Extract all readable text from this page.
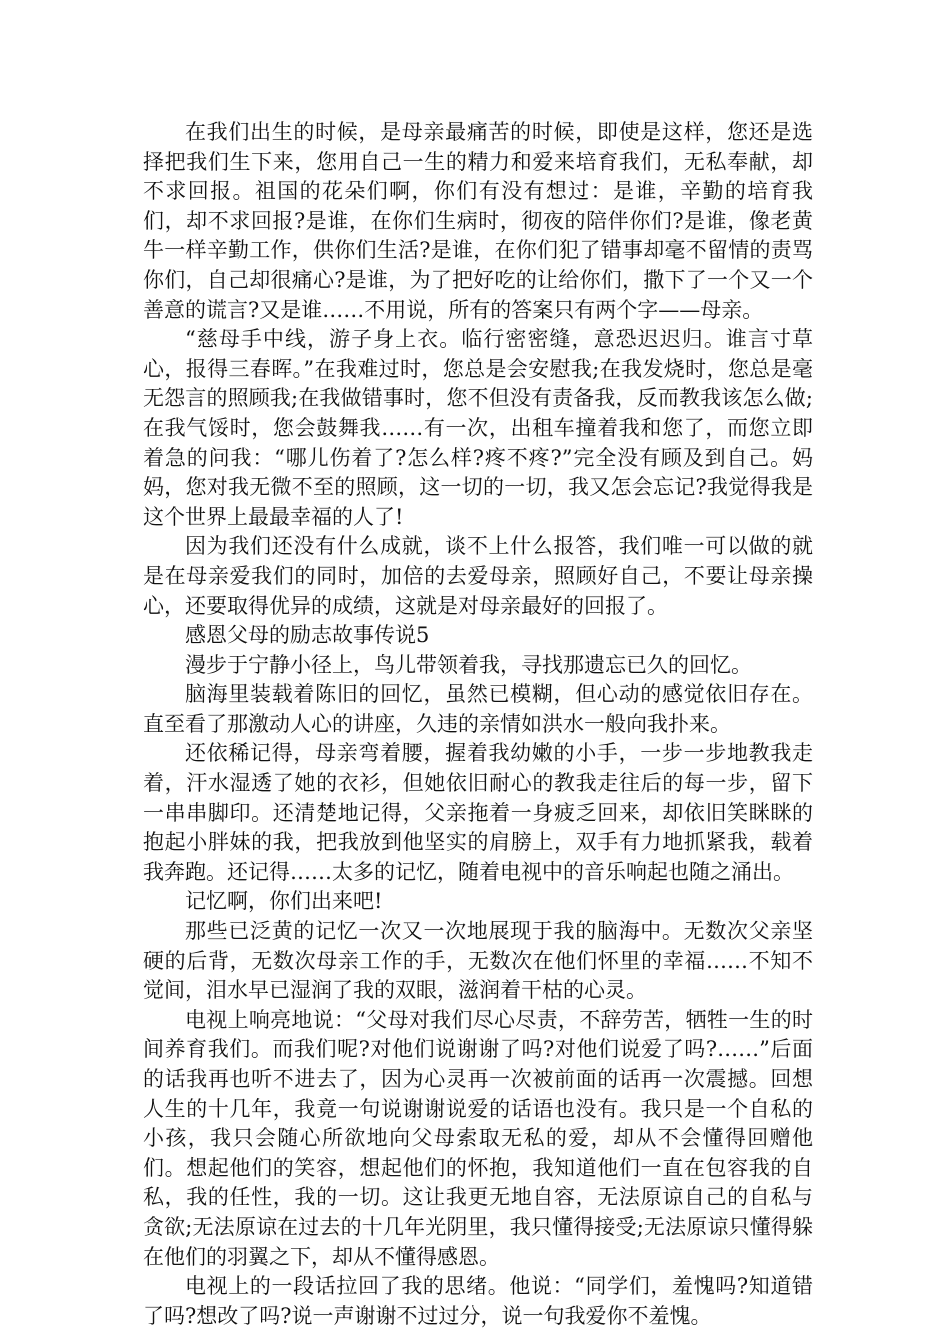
在我们出生的时候，是母亲最痛苦的时候，即使是这样，您还是选择把我们生下来，您用自己一生的精力和爱来培育我们，无私奉献，却不求回报。祖国的花朵们啊，你们有没有想过：是谁，辛勤的培育我们，却不求回报?是谁，在你们生病时，彻夜的陪伴你们?是谁，像老黄牛一样辛勤工作，供你们生活?是谁，在你们犯了错事却毫不留情的责骂你们，自己却很痛心?是谁，为了把好吃的让给你们，撒下了一个又一个善意的谎言?又是谁……不用说，所有的答案只有两个字——母亲。

“慈母手中线，游子身上衣。临行密密缝，意恐迟迟归。谁言寸草心，报得三春晖。”在我难过时，您总是会安慰我;在我发烧时，您总是毫无怨言的照顾我;在我做错事时，您不但没有责备我，反而教我该怎么做;在我气馁时，您会鼓舞我……有一次，出租车撞着我和您了，而您立即着急的问我：“哪儿伤着了?怎么样?疼不疼?”完全没有顾及到自己。妈妈，您对我无微不至的照顾，这一切的一切，我又怎会忘记?我觉得我是这个世界上最最幸福的人了!

因为我们还没有什么成就，谈不上什么报答，我们唯一可以做的就是在母亲爱我们的同时，加倍的去爱母亲，照顾好自己，不要让母亲操心，还要取得优异的成绩，这就是对母亲最好的回报了。

感恩父母的励志故事传说5

漫步于宁静小径上，鸟儿带领着我，寻找那遗忘已久的回忆。

脑海里装载着陈旧的回忆，虽然已模糊，但心动的感觉依旧存在。直至看了那激动人心的讲座，久违的亲情如洪水一般向我扑来。

还依稀记得，母亲弯着腰，握着我幼嫩的小手，一步一步地教我走着，汗水湿透了她的衣衫，但她依旧耐心的教我走往后的每一步，留下一串串脚印。还清楚地记得，父亲拖着一身疲乏回来，却依旧笑眯眯的抱起小胖妹的我，把我放到他坚实的肩膀上，双手有力地抓紧我，载着我奔跑。还记得……太多的记忆，随着电视中的音乐响起也随之涌出。

记忆啊，你们出来吧!

那些已泛黄的记忆一次又一次地展现于我的脑海中。无数次父亲坚硬的后背，无数次母亲工作的手，无数次在他们怀里的幸福……不知不觉间，泪水早已湿润了我的双眼，滋润着干枯的心灵。

电视上响亮地说：“父母对我们尽心尽责，不辞劳苦，牺牲一生的时间养育我们。而我们呢?对他们说谢谢了吗?对他们说爱了吗?……”后面的话我再也听不进去了，因为心灵再一次被前面的话再一次震撼。回想人生的十几年，我竟一句说谢谢说爱的话语也没有。我只是一个自私的小孩，我只会随心所欲地向父母索取无私的爱，却从不会懂得回赠他们。想起他们的笑容，想起他们的怀抱，我知道他们一直在包容我的自私，我的任性，我的一切。这让我更无地自容，无法原谅自己的自私与贪欲;无法原谅在过去的十几年光阴里，我只懂得接受;无法原谅只懂得躲在他们的羽翼之下，却从不懂得感恩。

电视上的一段话拉回了我的思绪。他说：“同学们，羞愧吗?知道错了吗?想改了吗?说一声谢谢不过过分，说一句我爱你不羞愧。
